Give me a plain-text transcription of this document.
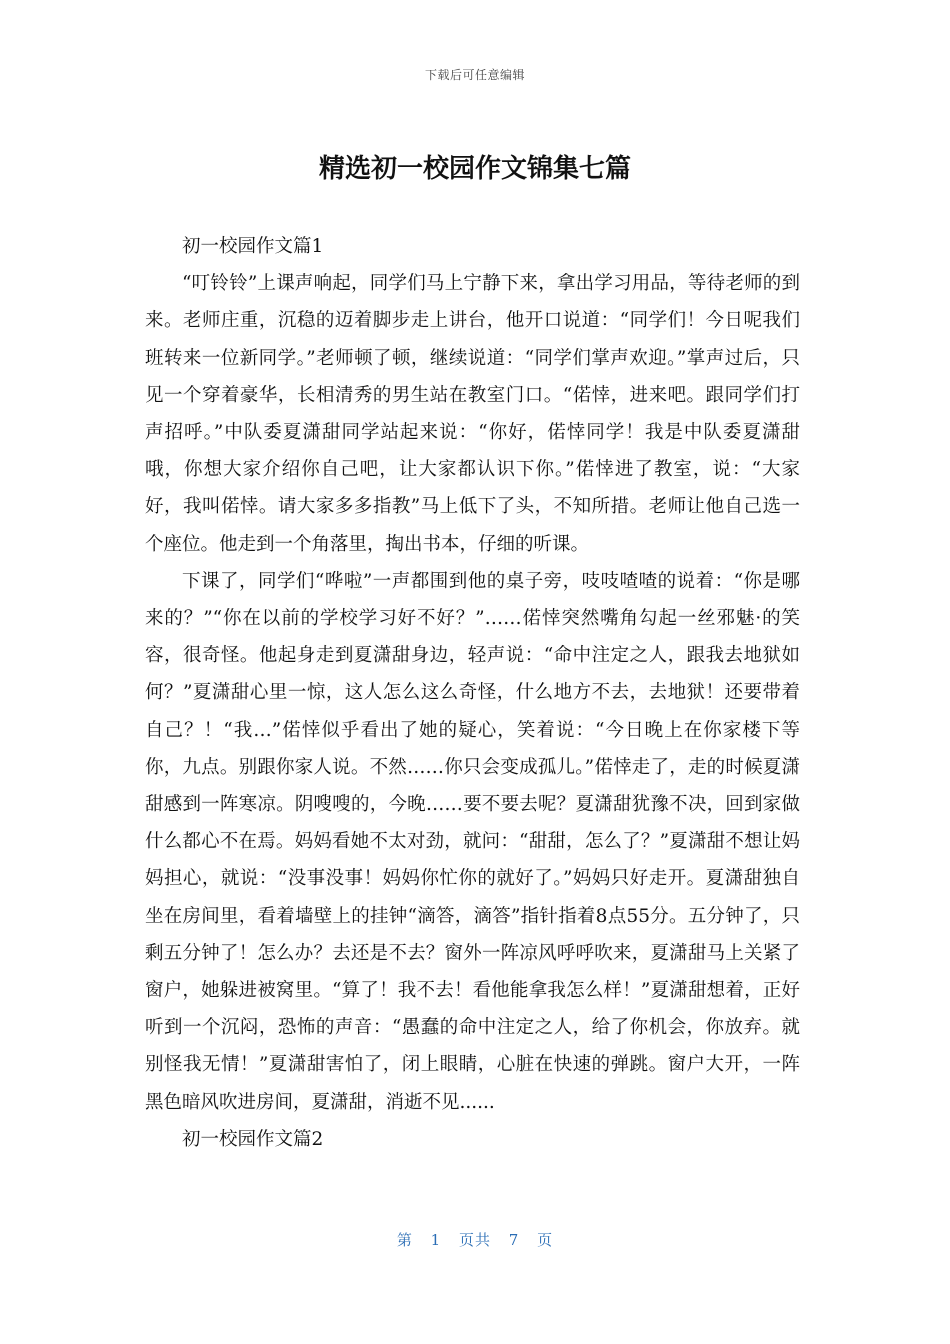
下载后可任意编辑
精选初一校园作文锦集七篇

初一校园作文篇1

“叮铃铃”上课声响起，同学们马上宁静下来，拿出学习用品，等待老师的到来。老师庄重，沉稳的迈着脚步走上讲台，他开口说道：“同学们！今日呢我们班转来一位新同学。”老师顿了顿，继续说道：“同学们掌声欢迎。”掌声过后，只见一个穿着豪华，长相清秀的男生站在教室门口。“偌悻，进来吧。跟同学们打声招呼。”中队委夏潇甜同学站起来说：“你好，偌悻同学！我是中队委夏潇甜哦，你想大家介绍你自己吧，让大家都认识下你。”偌悻进了教室，说：“大家好，我叫偌悻。请大家多多指教”马上低下了头，不知所措。老师让他自己选一个座位。他走到一个角落里，掏出书本，仔细的听课。

下课了，同学们“哗啦”一声都围到他的桌子旁，吱吱喳喳的说着：“你是哪来的？”“你在以前的学校学习好不好？”……偌悻突然嘴角勾起一丝邪魅·的笑容，很奇怪。他起身走到夏潇甜身边，轻声说：“命中注定之人，跟我去地狱如何？”夏潇甜心里一惊，这人怎么这么奇怪，什么地方不去，去地狱！还要带着自己？！“我…”偌悻似乎看出了她的疑心，笑着说：“今日晚上在你家楼下等你，九点。别跟你家人说。不然……你只会变成孤儿。”偌悻走了，走的时候夏潇甜感到一阵寒凉。阴嗖嗖的，今晚……要不要去呢？夏潇甜犹豫不决，回到家做什么都心不在焉。妈妈看她不太对劲，就问：“甜甜，怎么了？”夏潇甜不想让妈妈担心，就说：“没事没事！妈妈你忙你的就好了。”妈妈只好走开。夏潇甜独自坐在房间里，看着墙壁上的挂钟“滴答，滴答”指针指着8点55分。五分钟了，只剩五分钟了！怎么办？去还是不去？窗外一阵凉风呼呼吹来，夏潇甜马上关紧了窗户，她躲进被窝里。“算了！我不去！看他能拿我怎么样！”夏潇甜想着，正好听到一个沉闷，恐怖的声音：“愚蠢的命中注定之人，给了你机会，你放弃。就别怪我无情！”夏潇甜害怕了，闭上眼睛，心脏在快速的弹跳。窗户大开，一阵黑色暗风吹进房间，夏潇甜，消逝不见......

初一校园作文篇2

第 1 页共 7 页
